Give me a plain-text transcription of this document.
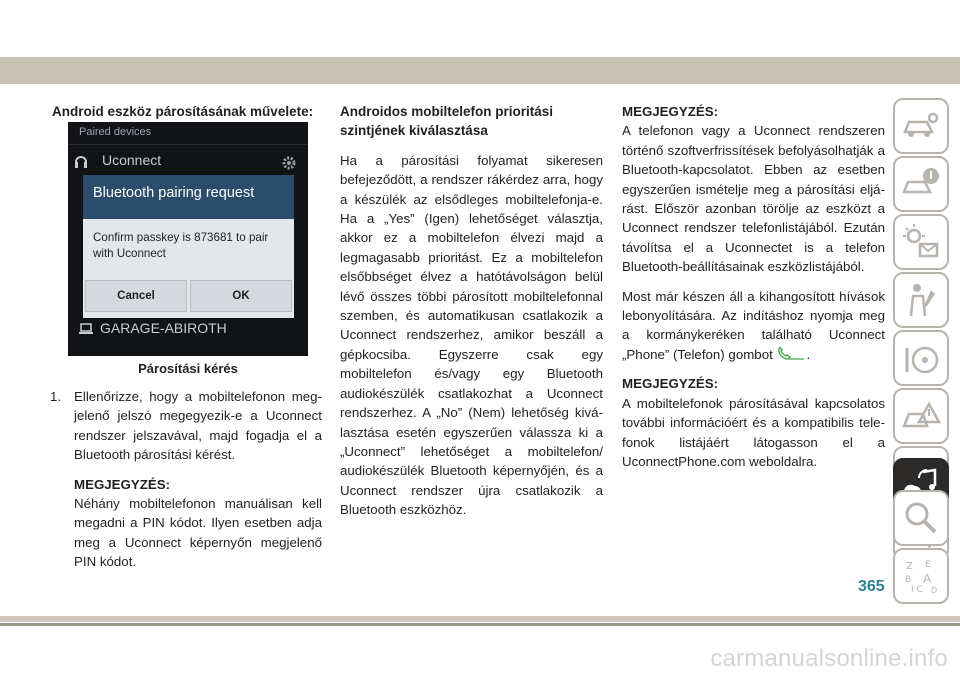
Android eszköz párosításának művelete:

Paired devices
Uconnect
Bluetooth pairing request
Confirm passkey is 873681 to pair
with Uconnect
Cancel	OK
GARAGE-ABIROTH
Párosítási kérés
1. Ellenőrizze, hogy a mobiltelefonon megjelenő jelszó megegyezik-e a Uconnect rendszer jelszavával, majd fogadja el a Bluetooth párosítási kérést.

MEGJEGYZÉS:

Néhány mobiltelefonon manuálisan kell megadni a PIN kódot. Ilyen esetben adja meg a Uconnect képernyőn megjelenő PIN kódot.

Androidos mobiltelefon prioritási szintjének kiválasztása

Ha a párosítási folyamat sikeresen befejeződött, a rendszer rákérdez arra, hogy a készülék az elsődleges mobiltelefonja-e. Ha a „Yes” (Igen) lehetőséget választja, akkor ez a mobiltelefon élvezi majd a legmagasabb prioritást. Ez a mobiltelefon elsőbbséget élvez a hatótávolságon belül lévő összes többi párosított mobiltelefonnal szemben, és automatikusan csatlakozik a Uconnect rendszerhez, amikor beszáll a gépkocsiba. Egyszerre csak egy mobiltelefon és/vagy egy Bluetooth audiokészülék csatlakozhat a Uconnect rendszerhez. A „No” (Nem) lehetőség kiválasztása esetén egyszerűen válassza ki a „Uconnect” lehetőséget a mobiltelefon/ audiokészülék Bluetooth képernyőjén, és a Uconnect rendszer újra csatlakozik a Bluetooth eszközhöz.

MEGJEGYZÉS:

A telefonon vagy a Uconnect rendszeren történő szoftverfrissítések befolyásolhatják a Bluetooth-kapcsolatot. Ebben az esetben egyszerűen ismételje meg a párosítási eljárást. Először azonban törölje az eszközt a Uconnect rendszer telefonlistájából. Ezután távolítsa el a Uconnectet is a telefon Bluetooth-beállításainak eszközlistájából.

Most már készen áll a kihangosított hívások lebonyolítására. Az indításhoz nyomja meg a kormánykeréken található Uconnect „Phone” (Telefon) gombot	.

MEGJEGYZÉS:

A mobiltelefonok párosításával kapcsolatos további információért és a kompatibilis telefonok listájáért látogasson el a UconnectPhone.com weboldalra.

Z E
B A
I C D
365
carmanualsonline.info
